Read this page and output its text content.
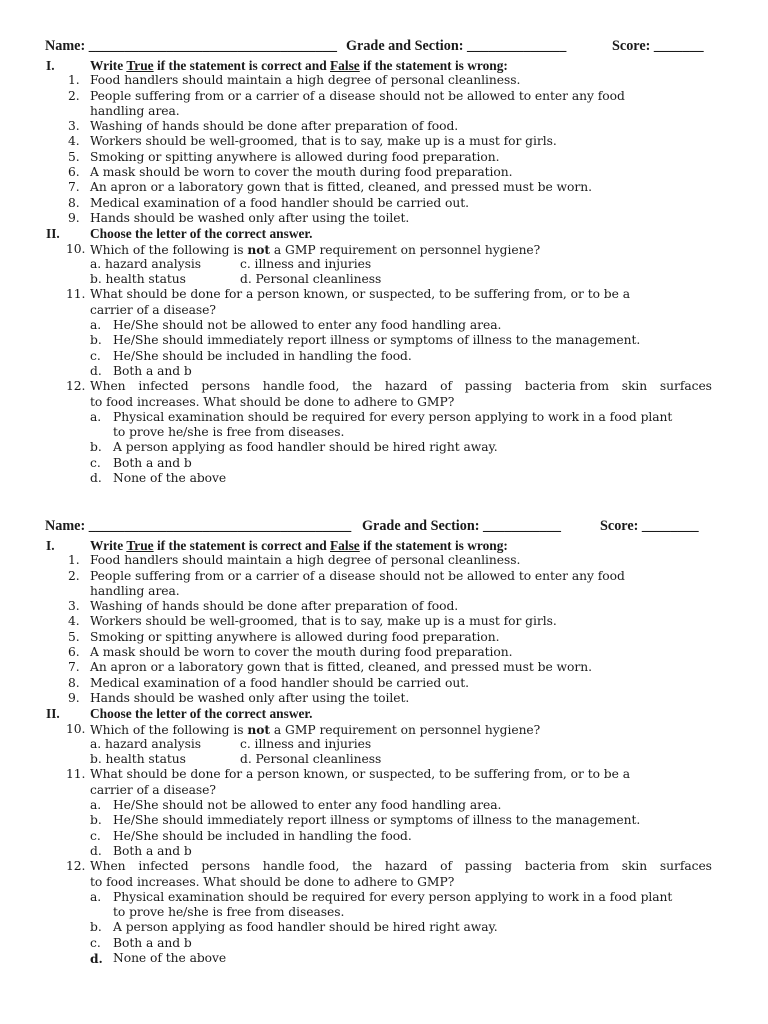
Name: ___________________________________ Grade and Section: ______________	Score: _______
I.	Write True if the statement is correct and False if the statement is wrong:
1. Food handlers should maintain a high degree of personal cleanliness.
2. People suffering from or a carrier of a disease should not be allowed to enter any food
handling area.
3. Washing of hands should be done after preparation of food.
4. Workers should be well-groomed, that is to say, make up is a must for girls.
5. Smoking or spitting anywhere is allowed during food preparation.
6. A mask should be worn to cover the mouth during food preparation.
7. An apron or a laboratory gown that is fitted, cleaned, and pressed must be worn.
8. Medical examination of a food handler should be carried out.
9. Hands should be washed only after using the toilet.
II. Choose the letter of the correct answer.
10. Which of the following is not a GMP requirement on personnel hygiene?
a. hazard analysis	c. illness and injuries
b. health status	d. Personal cleanliness
11. What should be done for a person known, or suspected, to be suffering from, or to be a
carrier of a disease?
a. He/She should not be allowed to enter any food handling area.
b. He/She should immediately report illness or symptoms of illness to the management.
c. He/She should be included in handling the food.
d. Both a and b
12. When infected persons handle food, the hazard of passing bacteria from skin surfaces
to food increases. What should be done to adhere to GMP?
a. Physical examination should be required for every person applying to work in a food plant
to prove he/she is free from diseases.
b. A person applying as food handler should be hired right away.
c. Both a and b
d. None of the above
Name: _____________________________________ Grade and Section: ___________	Score: ________
I.	Write True if the statement is correct and False if the statement is wrong:
1. Food handlers should maintain a high degree of personal cleanliness.
2. People suffering from or a carrier of a disease should not be allowed to enter any food
handling area.
3. Washing of hands should be done after preparation of food.
4. Workers should be well-groomed, that is to say, make up is a must for girls.
5. Smoking or spitting anywhere is allowed during food preparation.
6. A mask should be worn to cover the mouth during food preparation.
7. An apron or a laboratory gown that is fitted, cleaned, and pressed must be worn.
8. Medical examination of a food handler should be carried out.
9. Hands should be washed only after using the toilet.
II. Choose the letter of the correct answer.
10. Which of the following is not a GMP requirement on personnel hygiene?
a. hazard analysis	c. illness and injuries
b. health status	d. Personal cleanliness
11. What should be done for a person known, or suspected, to be suffering from, or to be a
carrier of a disease?
a. He/She should not be allowed to enter any food handling area.
b. He/She should immediately report illness or symptoms of illness to the management.
c. He/She should be included in handling the food.
d. Both a and b
12. When infected persons handle food, the hazard of passing bacteria from skin surfaces
to food increases. What should be done to adhere to GMP?
a. Physical examination should be required for every person applying to work in a food plant
to prove he/she is free from diseases.
b. A person applying as food handler should be hired right away.
c. Both a and b
d. None of the above
